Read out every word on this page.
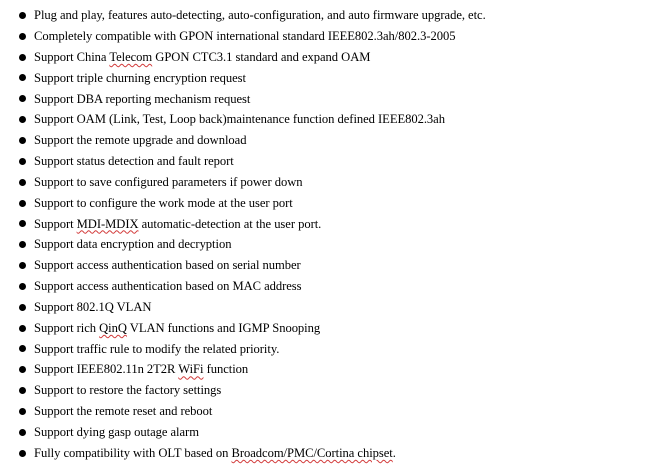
Plug and play, features auto-detecting, auto-configuration, and auto firmware upgrade, etc.
Completely compatible with GPON international standard IEEE802.3ah/802.3-2005
Support China Telecom GPON CTC3.1 standard and expand OAM
Support triple churning encryption request
Support DBA reporting mechanism request
Support OAM (Link, Test, Loop back)maintenance function defined IEEE802.3ah
Support the remote upgrade and download
Support status detection and fault report
Support to save configured parameters if power down
Support to configure the work mode at the user port
Support MDI-MDIX automatic-detection at the user port.
Support data encryption and decryption
Support access authentication based on serial number
Support access authentication based on MAC address
Support 802.1Q VLAN
Support rich QinQ VLAN functions and IGMP Snooping
Support traffic rule to modify the related priority.
Support IEEE802.11n 2T2R WiFi function
Support to restore the factory settings
Support the remote reset and reboot
Support dying gasp outage alarm
Fully compatibility with OLT based on Broadcom/PMC/Cortina chipset.
